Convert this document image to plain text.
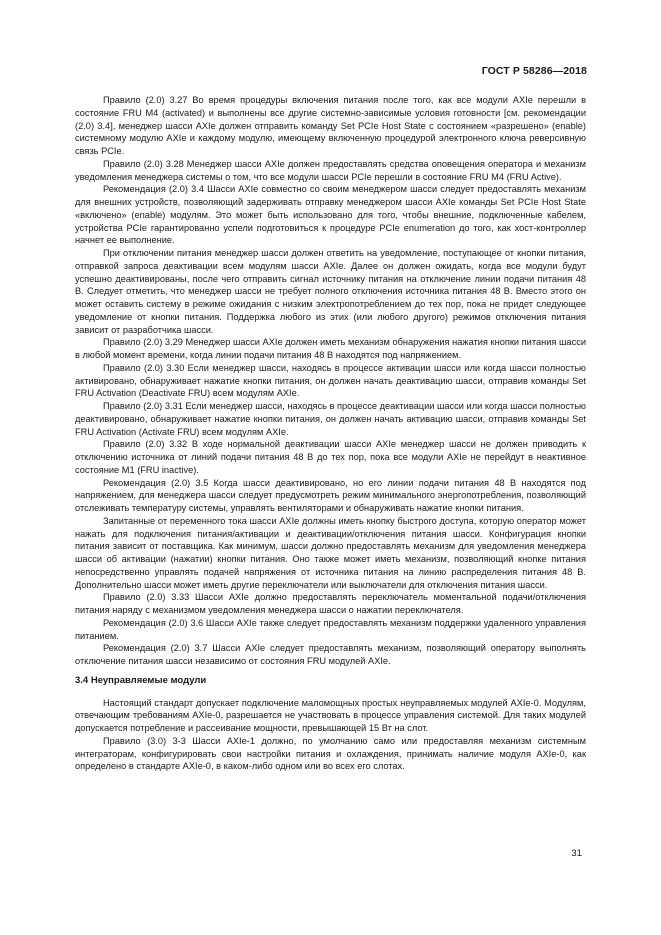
ГОСТ Р 58286—2018

Правило (2.0) 3.27 Во время процедуры включения питания после того, как все модули AXIe перешли в состояние FRU M4 (activated) и выполнены все другие системно-зависимые условия готовности [см. рекомендации (2.0) 3.4], менеджер шасси AXIe должен отправить команду Set PCIe Host State с состоянием «разрешено» (enable) системному модулю AXIe и каждому модулю, имеющему включенную процедурой электронного ключа реверсивную связь PCIe.

Правило (2.0) 3.28 Менеджер шасси AXIe должен предоставлять средства оповещения оператора и механизм уведомления менеджера системы о том, что все модули шасси PCIe перешли в состояние FRU M4 (FRU Active).

Рекомендация (2.0) 3.4 Шасси AXIe совместно со своим менеджером шасси следует предоставлять механизм для внешних устройств, позволяющий задерживать отправку менеджером шасси AXIe команды Set PCIe Host State «включено» (enable) модулям. Это может быть использовано для того, чтобы внешние, подключенные кабелем, устройства PCIe гарантированно успели подготовиться к процедуре PCIe enumeration до того, как хост-контроллер начнет ее выполнение.

При отключении питания менеджер шасси должен ответить на уведомление, поступающее от кнопки питания, отправкой запроса деактивации всем модулям шасси AXIe. Далее он должен ожидать, когда все модули будут успешно деактивированы, после чего отправить сигнал источнику питания на отключение линии подачи питания 48 В. Следует отметить, что менеджер шасси не требует полного отключения источника питания 48 В. Вместо этого он может оставить систему в режиме ожидания с низким электропотреблением до тех пор, пока не придет следующее уведомление от кнопки питания. Поддержка любого из этих (или любого другого) режимов отключения питания зависит от разработчика шасси.

Правило (2.0) 3.29 Менеджер шасси AXIe должен иметь механизм обнаружения нажатия кнопки питания шасси в любой момент времени, когда линии подачи питания 48 В находятся под напряжением.

Правило (2.0) 3.30 Если менеджер шасси, находясь в процессе активации шасси или когда шасси полностью активировано, обнаруживает нажатие кнопки питания, он должен начать деактивацию шасси, отправив команды Set FRU Activation (Deactivate FRU) всем модулям AXIe.

Правило (2.0) 3.31 Если менеджер шасси, находясь в процессе деактивации шасси или когда шасси полностью деактивировано, обнаруживает нажатие кнопки питания, он должен начать активацию шасси, отправив команды Set FRU Activation (Activate FRU) всем модулям AXIe.

Правило (2.0) 3.32 В ходе нормальной деактивации шасси AXIe менеджер шасси не должен приводить к отключению источника от линий подачи питания 48 В до тех пор, пока все модули AXIe не перейдут в неактивное состояние M1 (FRU inactive).

Рекомендация (2.0) 3.5 Когда шасси деактивировано, но его линии подачи питания 48 В находятся под напряжением, для менеджера шасси следует предусмотреть режим минимального энергопотребления, позволяющий отслеживать температуру системы, управлять вентиляторами и обнаруживать нажатие кнопки питания.

Запитанные от переменного тока шасси AXIe должны иметь кнопку быстрого доступа, которую оператор может нажать для подключения питания/активации и деактивации/отключения питания шасси. Конфигурация кнопки питания зависит от поставщика. Как минимум, шасси должно предоставлять механизм для уведомления менеджера шасси об активации (нажатии) кнопки питания. Оно также может иметь механизм, позволяющий кнопке питания непосредственно управлять подачей напряжения от источника питания на линию распределения питания 48 В. Дополнительно шасси может иметь другие переключатели или выключатели для отключения питания шасси.

Правило (2.0) 3.33 Шасси AXIe должно предоставлять переключатель моментальной подачи/отключения питания наряду с механизмом уведомления менеджера шасси о нажатии переключателя.

Рекомендация (2.0) 3.6 Шасси AXIe также следует предоставлять механизм поддержки удаленного управления питанием.

Рекомендация (2.0) 3.7 Шасси AXIe следует предоставлять механизм, позволяющий оператору выполнять отключение питания шасси независимо от состояния FRU модулей AXIe.

3.4 Неуправляемые модули

Настоящий стандарт допускает подключение маломощных простых неуправляемых модулей AXIe-0. Модулям, отвечающим требованиям AXIe-0, разрешается не участвовать в процессе управления системой. Для таких модулей допускается потребление и рассеивание мощности, превышающей 15 Вт на слот.

Правило (3.0) 3-3 Шасси AXIe-1 должно, по умолчанию само или предоставляя механизм системным интеграторам, конфигурировать свои настройки питания и охлаждения, принимать наличие модуля AXIe-0, как определено в стандарте AXIe-0, в каком-либо одном или во всех его слотах.

31
